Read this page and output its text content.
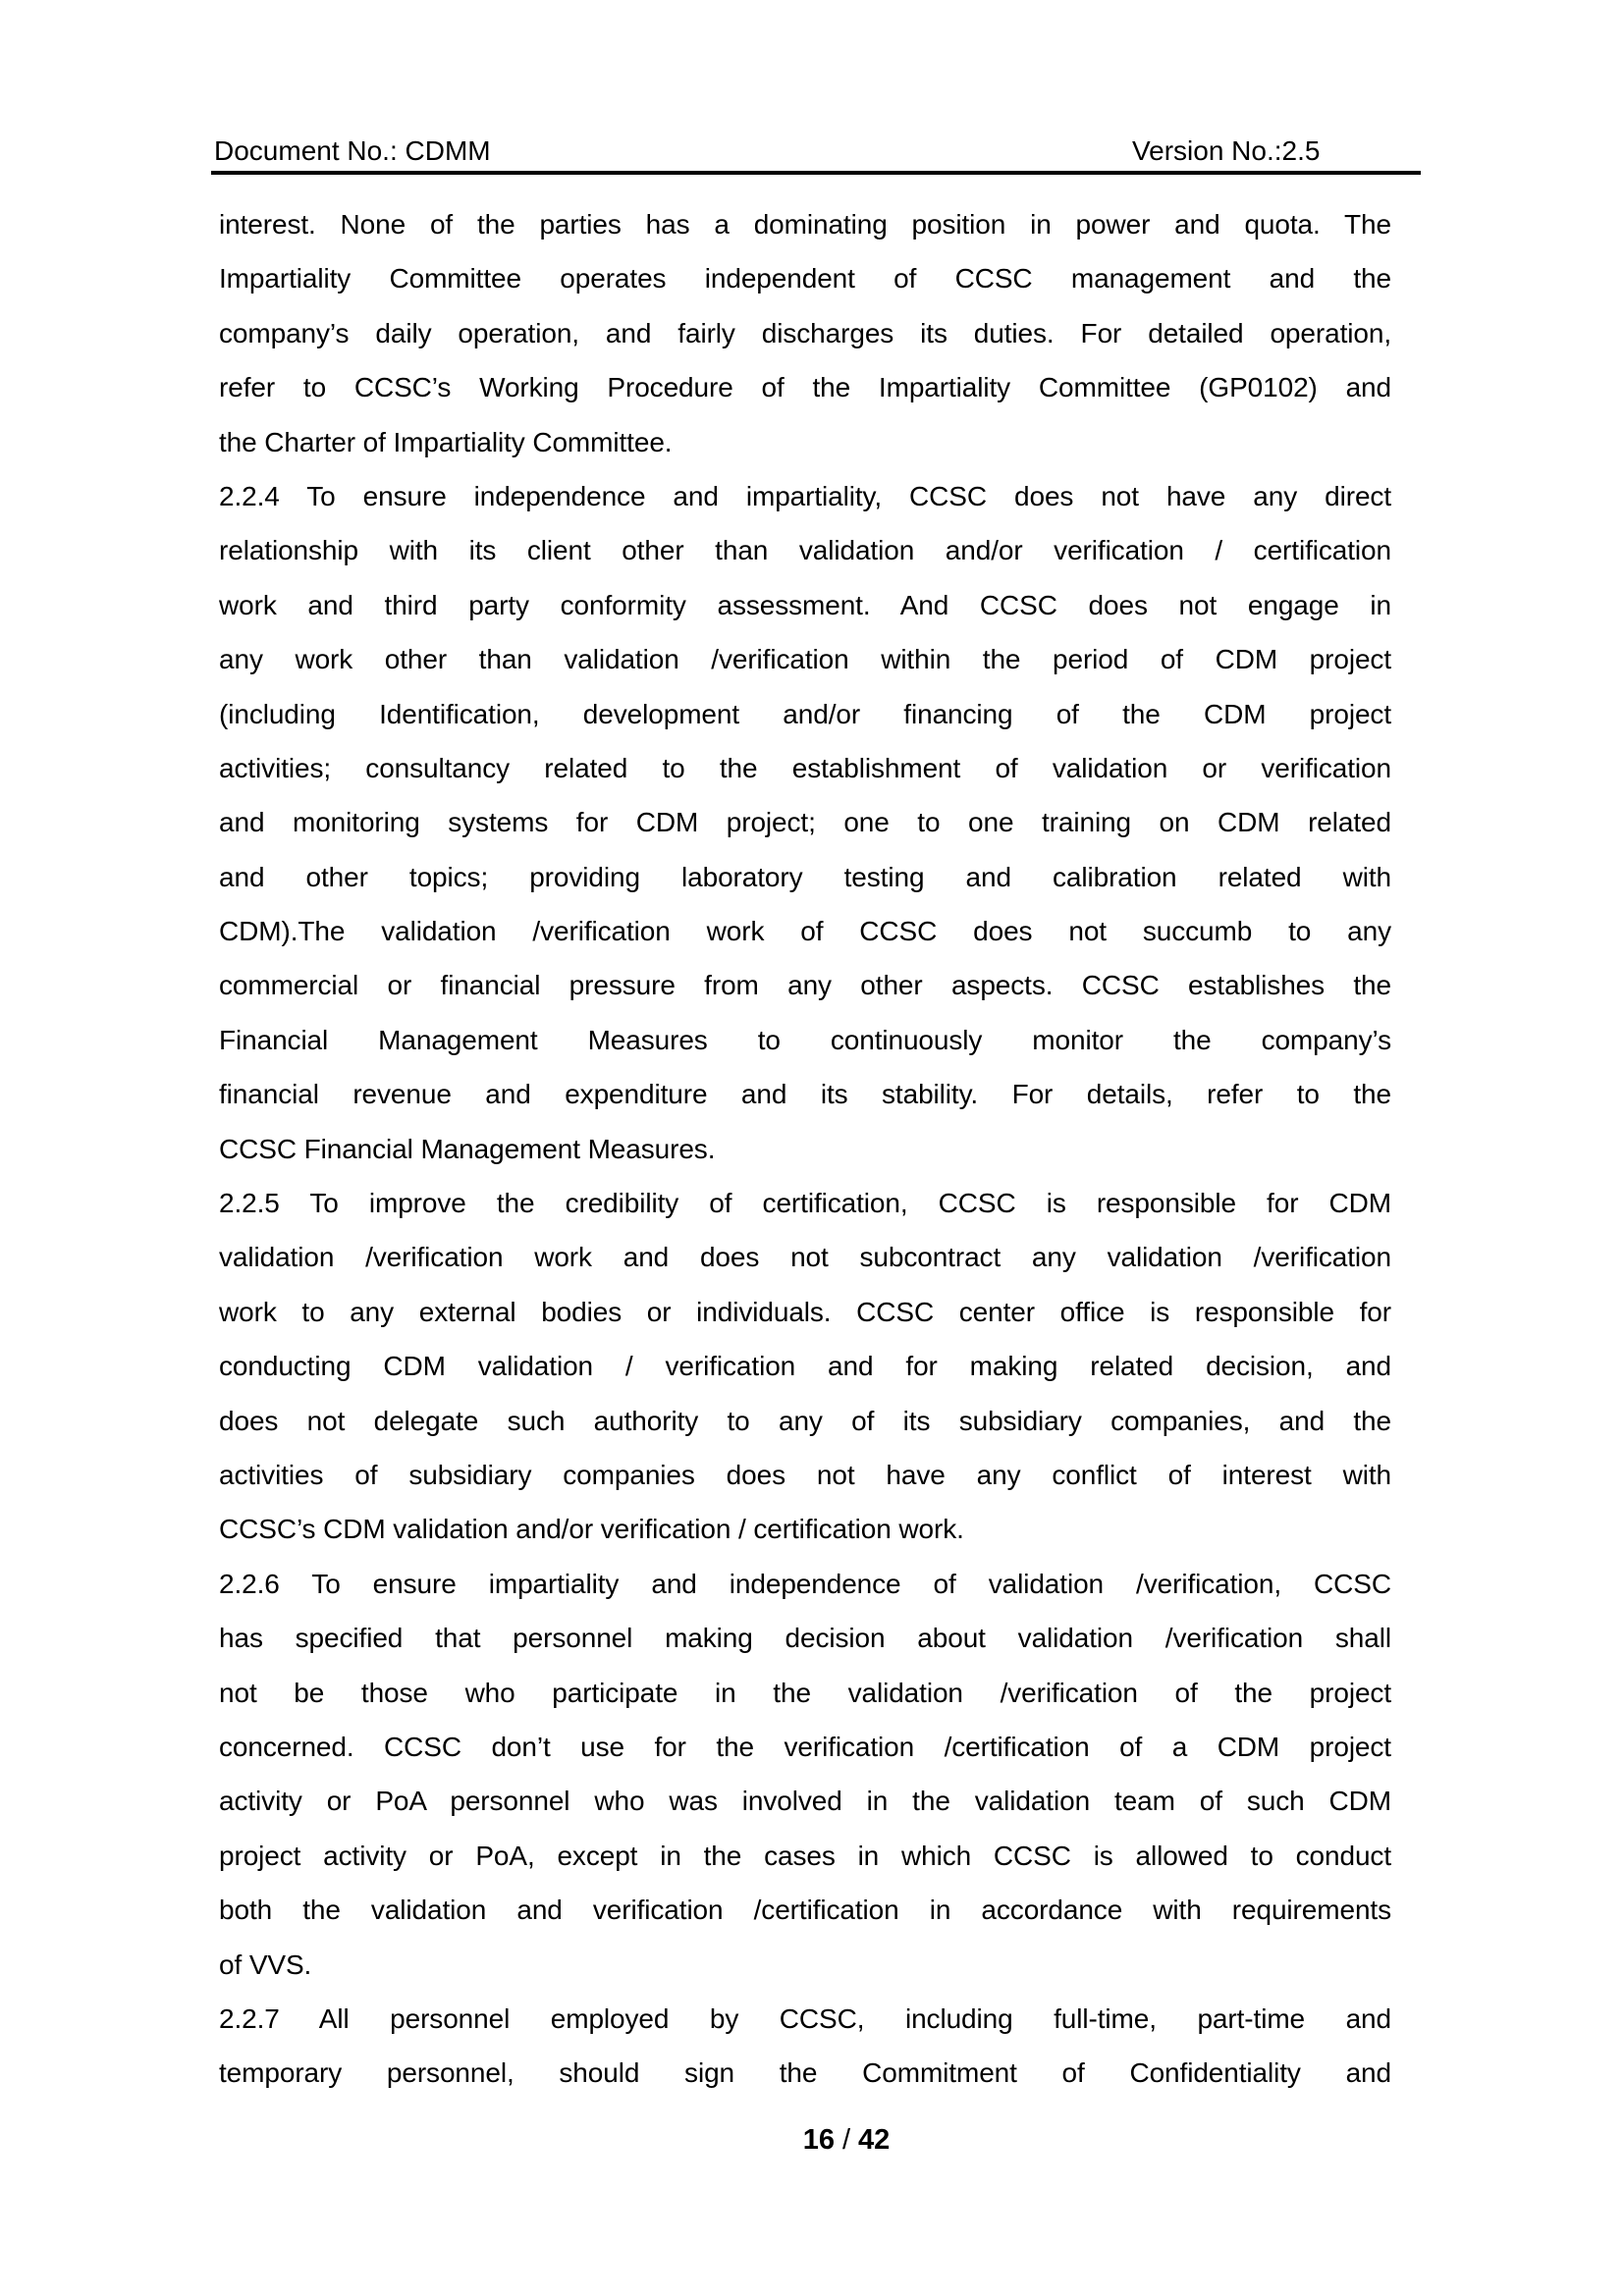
Document No.: CDMM	Version No.:2.5
interest. None of the parties has a dominating position in power and quota. The
Impartiality Committee operates independent of CCSC management and the
company’s daily operation, and fairly discharges its duties. For detailed operation,
refer to CCSC’s Working Procedure of the Impartiality Committee (GP0102) and
the Charter of Impartiality Committee.
2.2.4 To ensure independence and impartiality, CCSC does not have any direct
relationship with its client other than validation and/or verification / certification
work and third party conformity assessment. And CCSC does not engage in
any work other than validation /verification within the period of CDM project
(including Identification, development and/or financing of the CDM project
activities; consultancy related to the establishment of validation or verification
and monitoring systems for CDM project; one to one training on CDM related
and other topics; providing laboratory testing and calibration related with
CDM).The validation /verification work of CCSC does not succumb to any
commercial or financial pressure from any other aspects. CCSC establishes the
Financial Management Measures to continuously monitor the company’s
financial revenue and expenditure and its stability. For details, refer to the
CCSC Financial Management Measures.
2.2.5 To improve the credibility of certification, CCSC is responsible for CDM
validation /verification work and does not subcontract any validation /verification
work to any external bodies or individuals. CCSC center office is responsible for
conducting CDM validation / verification and for making related decision, and
does not delegate such authority to any of its subsidiary companies, and the
activities of subsidiary companies does not have any conflict of interest with
CCSC’s CDM validation and/or verification / certification work.
2.2.6 To ensure impartiality and independence of validation /verification, CCSC
has specified that personnel making decision about validation /verification shall
not be those who participate in the validation /verification of the project
concerned. CCSC don’t use for the verification /certification of a CDM project
activity or PoA personnel who was involved in the validation team of such CDM
project activity or PoA, except in the cases in which CCSC is allowed to conduct
both the validation and verification /certification in accordance with requirements
of VVS.
2.2.7 All personnel employed by CCSC, including full-time, part-time and
temporary personnel, should sign the Commitment of Confidentiality and
16 / 42
